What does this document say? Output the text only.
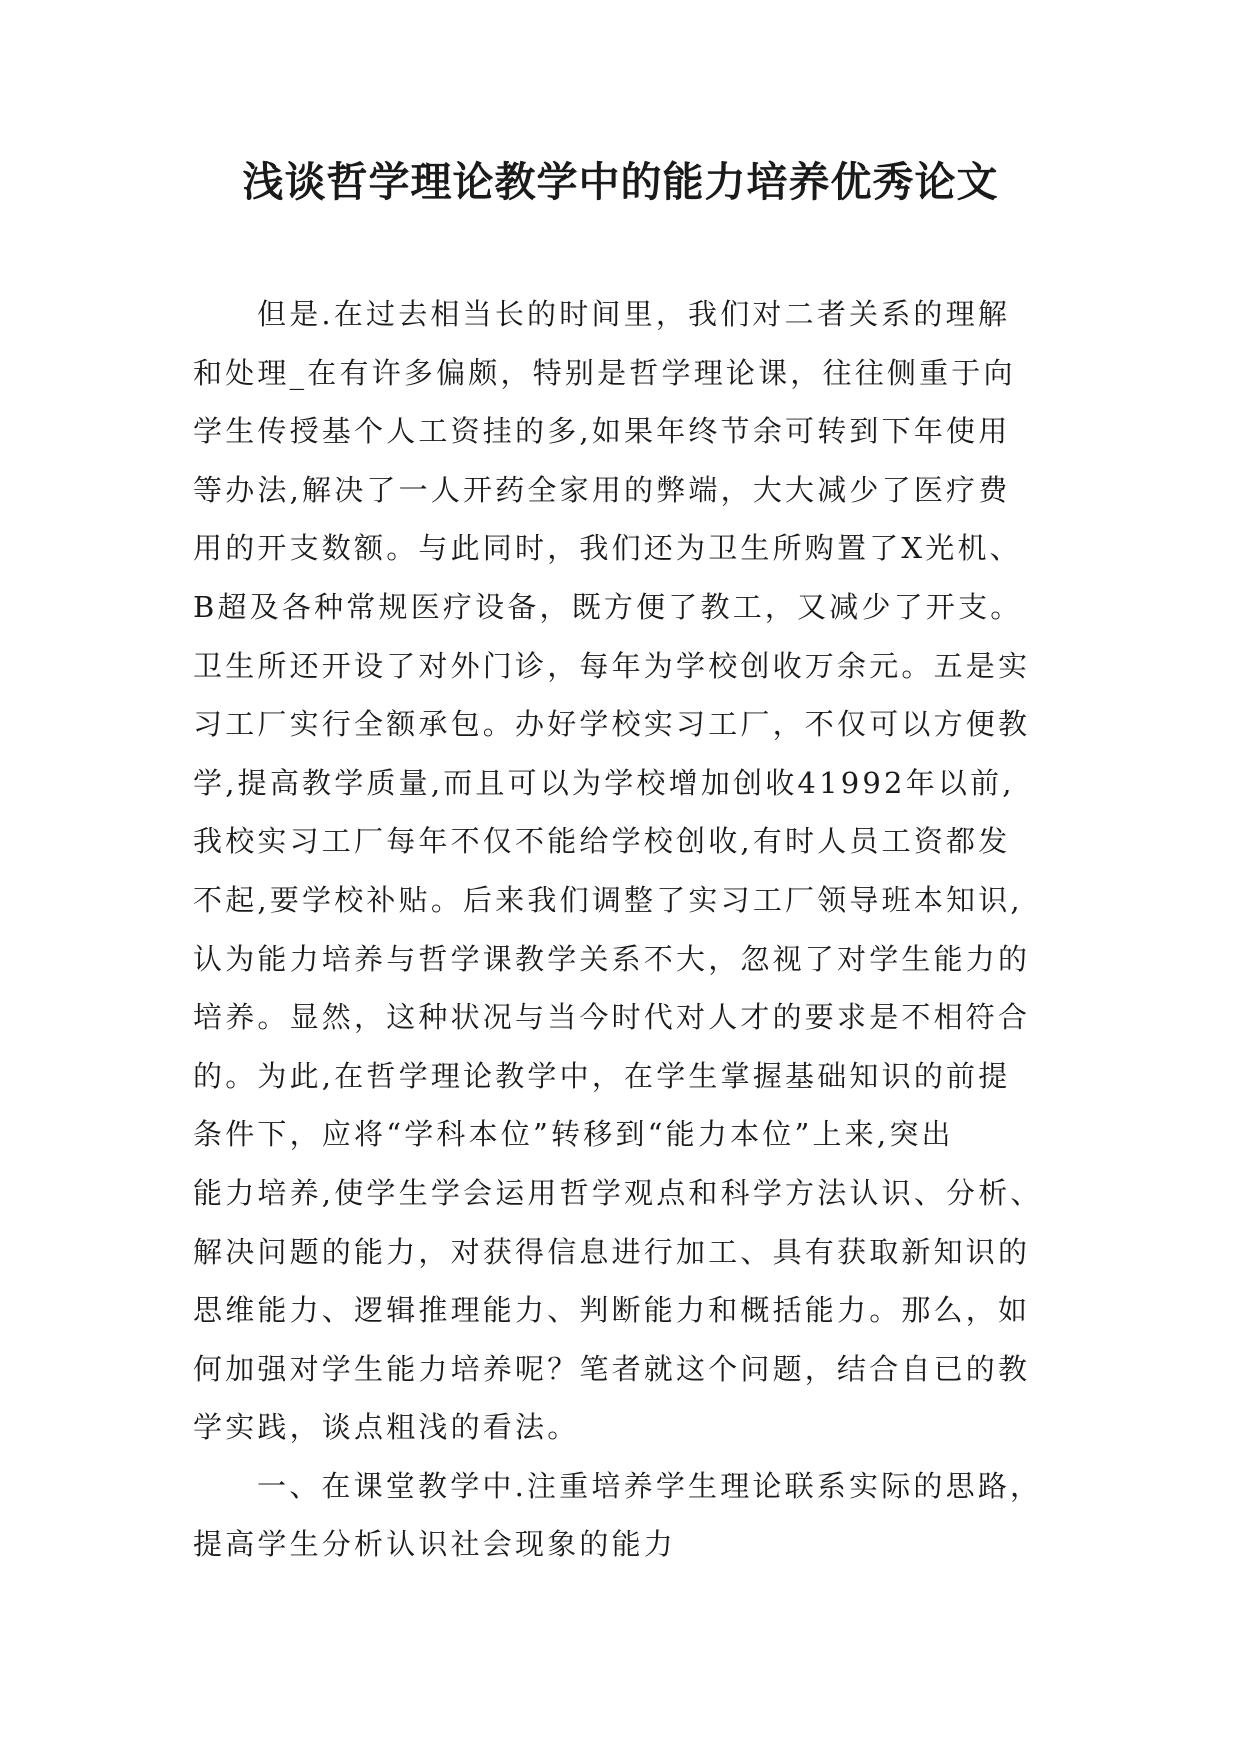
浅谈哲学理论教学中的能力培养优秀论文
但是.在过去相当长的时间里，我们对二者关系的理解
和处理_在有许多偏颇，特别是哲学理论课，往往侧重于向
学生传授基个人工资挂的多,如果年终节余可转到下年使用
等办法,解决了一人开药全家用的弊端，大大减少了医疗费
用的开支数额。与此同时，我们还为卫生所购置了X光机、
B超及各种常规医疗设备，既方便了教工，又减少了开支。
卫生所还开设了对外门诊，每年为学校创收万余元。五是实
习工厂实行全额承包。办好学校实习工厂，不仅可以方便教
学,提高教学质量,而且可以为学校增加创收41992年以前,
我校实习工厂每年不仅不能给学校创收,有时人员工资都发
不起,要学校补贴。后来我们调整了实习工厂领导班本知识,
认为能力培养与哲学课教学关系不大，忽视了对学生能力的
培养。显然，这种状况与当今时代对人才的要求是不相符合
的。为此,在哲学理论教学中，在学生掌握基础知识的前提
条件下，应将“学科本位”转移到“能力本位”上来,突出
能力培养,使学生学会运用哲学观点和科学方法认识、分析、
解决问题的能力，对获得信息进行加工、具有获取新知识的
思维能力、逻辑推理能力、判断能力和概括能力。那么，如
何加强对学生能力培养呢？笔者就这个问题，结合自已的教
学实践，谈点粗浅的看法。
一、在课堂教学中.注重培养学生理论联系实际的思路，
提高学生分析认识社会现象的能力
